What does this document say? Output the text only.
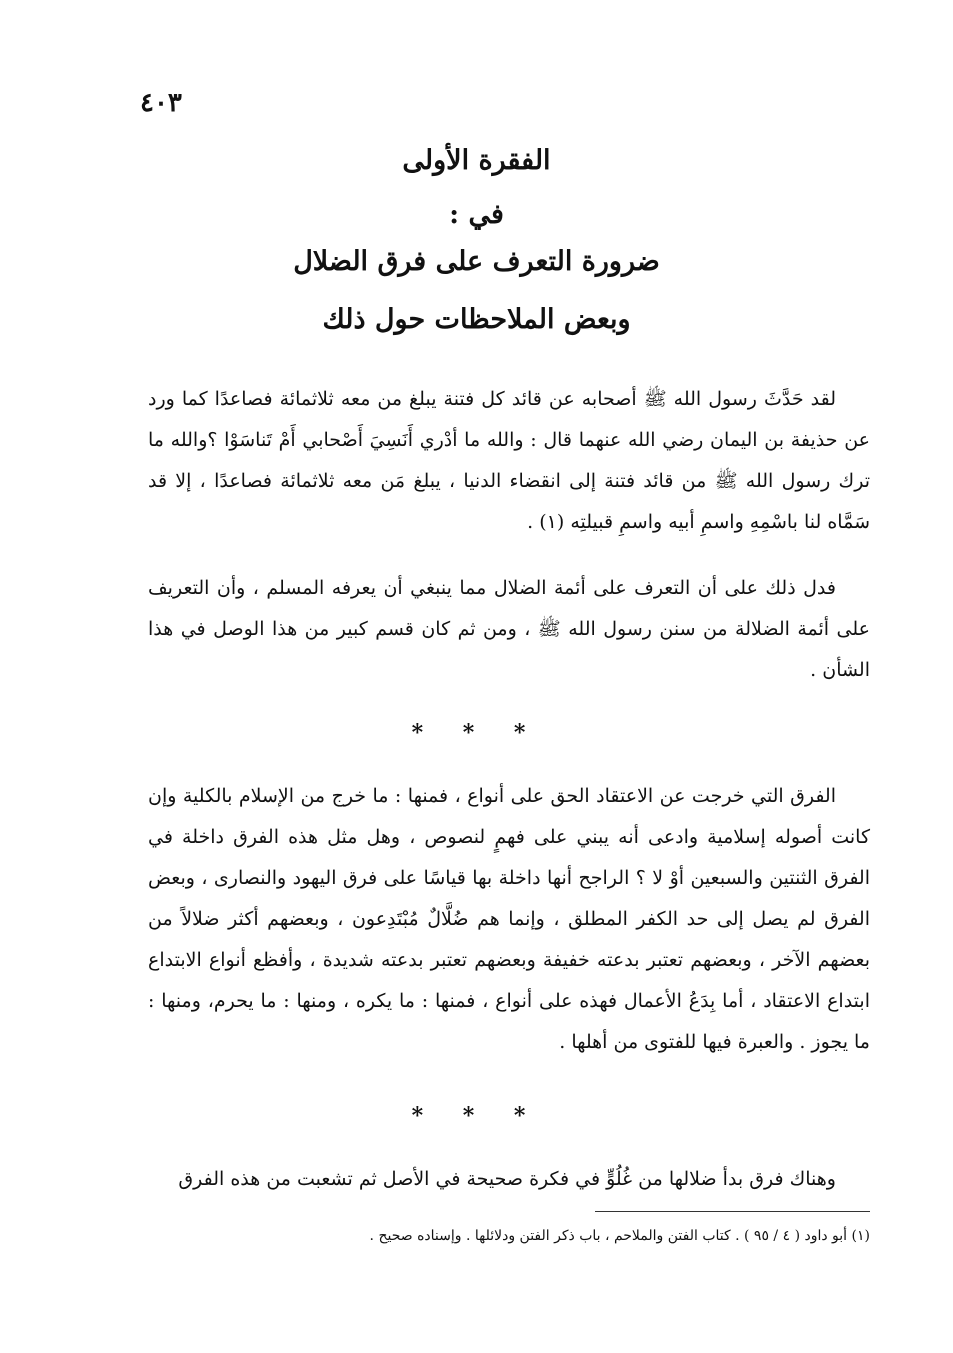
٤٠٣

الفقرة الأولى

في :

ضرورة التعرف على فرق الضلال

وبعض الملاحظات حول ذلك

لقد حَدَّثَ رسول الله ﷺ أصحابه عن قائد كل فتنة يبلغ من معه ثلاثمائة فصاعدًا كما ورد عن حذيفة بن اليمان رضي الله عنهما قال : والله ما أدْري أَنَسِيَ أَصْحابي أَمْ تَناسَوْا ؟والله ما ترك رسول الله ﷺ من قائد فتنة إلى انقضاء الدنيا ، يبلغ مَن معه ثلاثمائة فصاعدًا ، إلا قد سَمَّاه لنا باسْمِهِ واسمِ أبيه واسمِ قبيلتِه (١) .

فدل ذلك على أن التعرف على أئمة الضلال مما ينبغي أن يعرفه المسلم ، وأن التعريف على أئمة الضلالة من سنن رسول الله ﷺ ، ومن ثم كان قسم كبير من هذا الوصل في هذا الشأن .

* * *

الفرق التي خرجت عن الاعتقاد الحق على أنواع ، فمنها : ما خرج من الإسلام بالكلية وإن كانت أصوله إسلامية وادعى أنه يبني على فهمٍ لنصوص ، وهل مثل هذه الفرق داخلة في الفرق الثنتين والسبعين أوْ لا ؟ الراجح أنها داخلة بها قياسًا على فرق اليهود والنصارى ، وبعض الفرق لم يصل إلى حد الكفر المطلق ، وإنما هم ضُلَّالٌ مُبْتَدِعون ، وبعضهم أكثر ضلالاً من بعضهم الآخر ، وبعضهم تعتبر بدعته خفيفة وبعضهم تعتبر بدعته شديدة ، وأفظع أنواع الابتداع ابتداع الاعتقاد ، أما بِدَعُ الأعمال فهذه على أنواع ، فمنها : ما يكره ، ومنها : ما يحرم، ومنها : ما يجوز . والعبرة فيها للفتوى من أهلها .

* * *

وهناك فرق بدأ ضلالها من غُلُوٍّ في فكرة صحيحة في الأصل ثم تشعبت من هذه الفرق

(١) أبو داود ( ٤ / ٩٥ ) . كتاب الفتن والملاحم ، باب ذكر الفتن ودلائلها . وإسناده صحيح .
